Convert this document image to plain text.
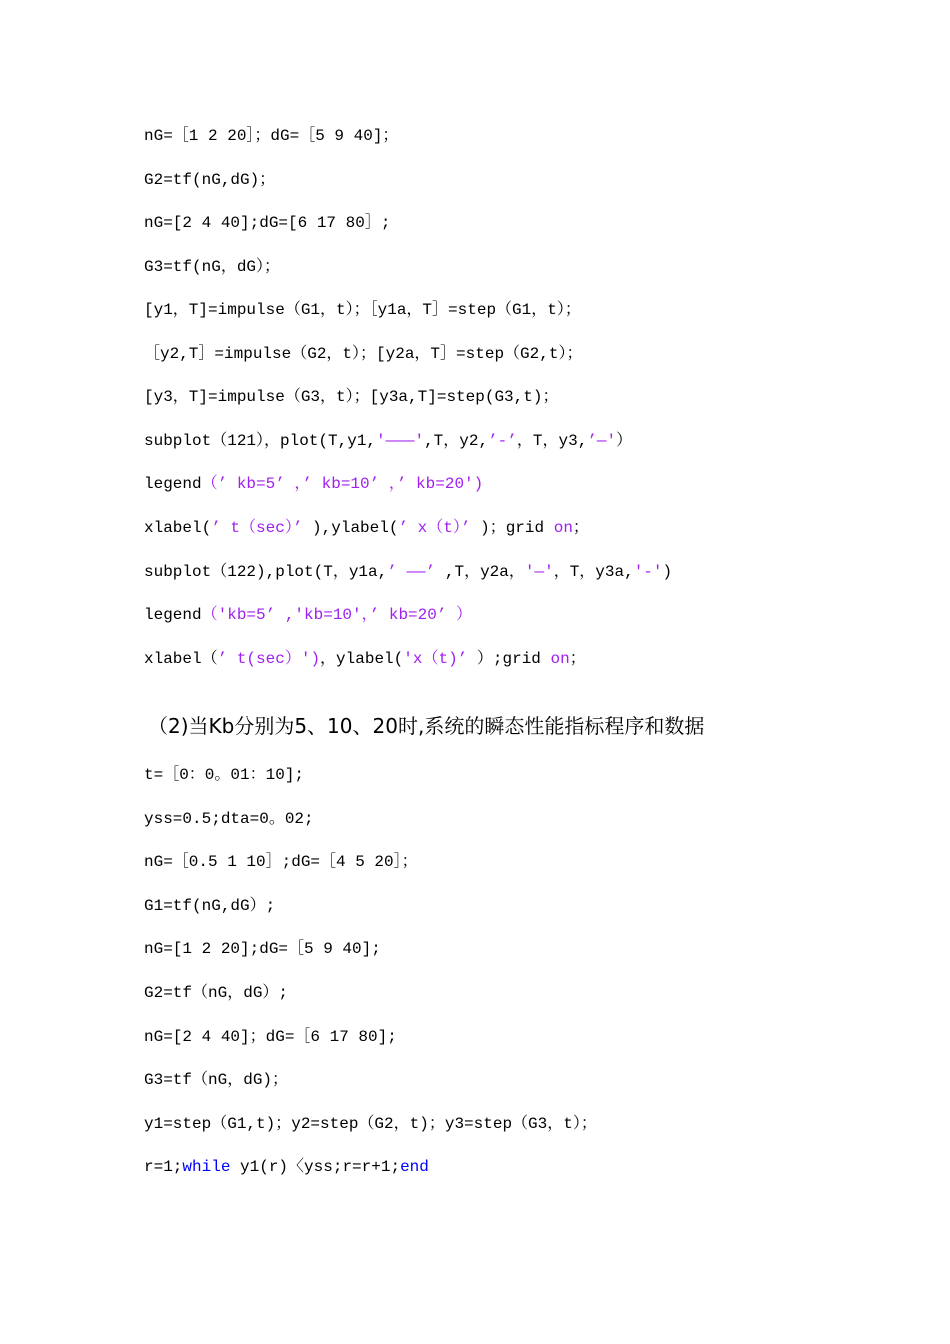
nG=［1 2 20］；dG=［5 9 40]；
G2=tf(nG,dG)；
nG=[2 4 40];dG=[6 17 80］;
G3=tf(nG，dG）；
[y1，T]=impulse（G1，t）；［y1a，T］=step（G1，t）；
［y2,T］=impulse（G2，t）；[y2a，T］=step（G2,t）；
[y3，T]=impulse（G3，t）；[y3a,T]=step(G3,t)；
subplot（121），plot(T,y1,'———',T，y2,’-’，T，y3,’—'）
legend（’ kb=5’ ，’ kb=10’ ，’ kb=20')
xlabel(’ t（sec）’ ),ylabel(’ x（t）’ )；grid on；
subplot（122),plot(T，y1a,’ ——’ ,T，y2a，'—'，T，y3a,'-')
legend（'kb=5’ ,'kb=10'，’ kb=20’ ）
xlabel（’ t(sec）')，ylabel('x（t)’ ）;grid on；
（2)当Kb分别为5、10、20时,系统的瞬态性能指标程序和数据
t=［0：0。01：10];
yss=0.5;dta=0。02;
nG=［0.5 1 10］;dG=［4 5 20］；
G1=tf(nG,dG）;
nG=[1 2 20];dG=［5 9 40];
G2=tf（nG，dG）;
nG=[2 4 40]；dG=［6 17 80];
G3=tf（nG，dG)；
y1=step（G1,t)；y2=step（G2，t)；y3=step（G3，t）；
r=1;while y1(r)〈yss;r=r+1;end
